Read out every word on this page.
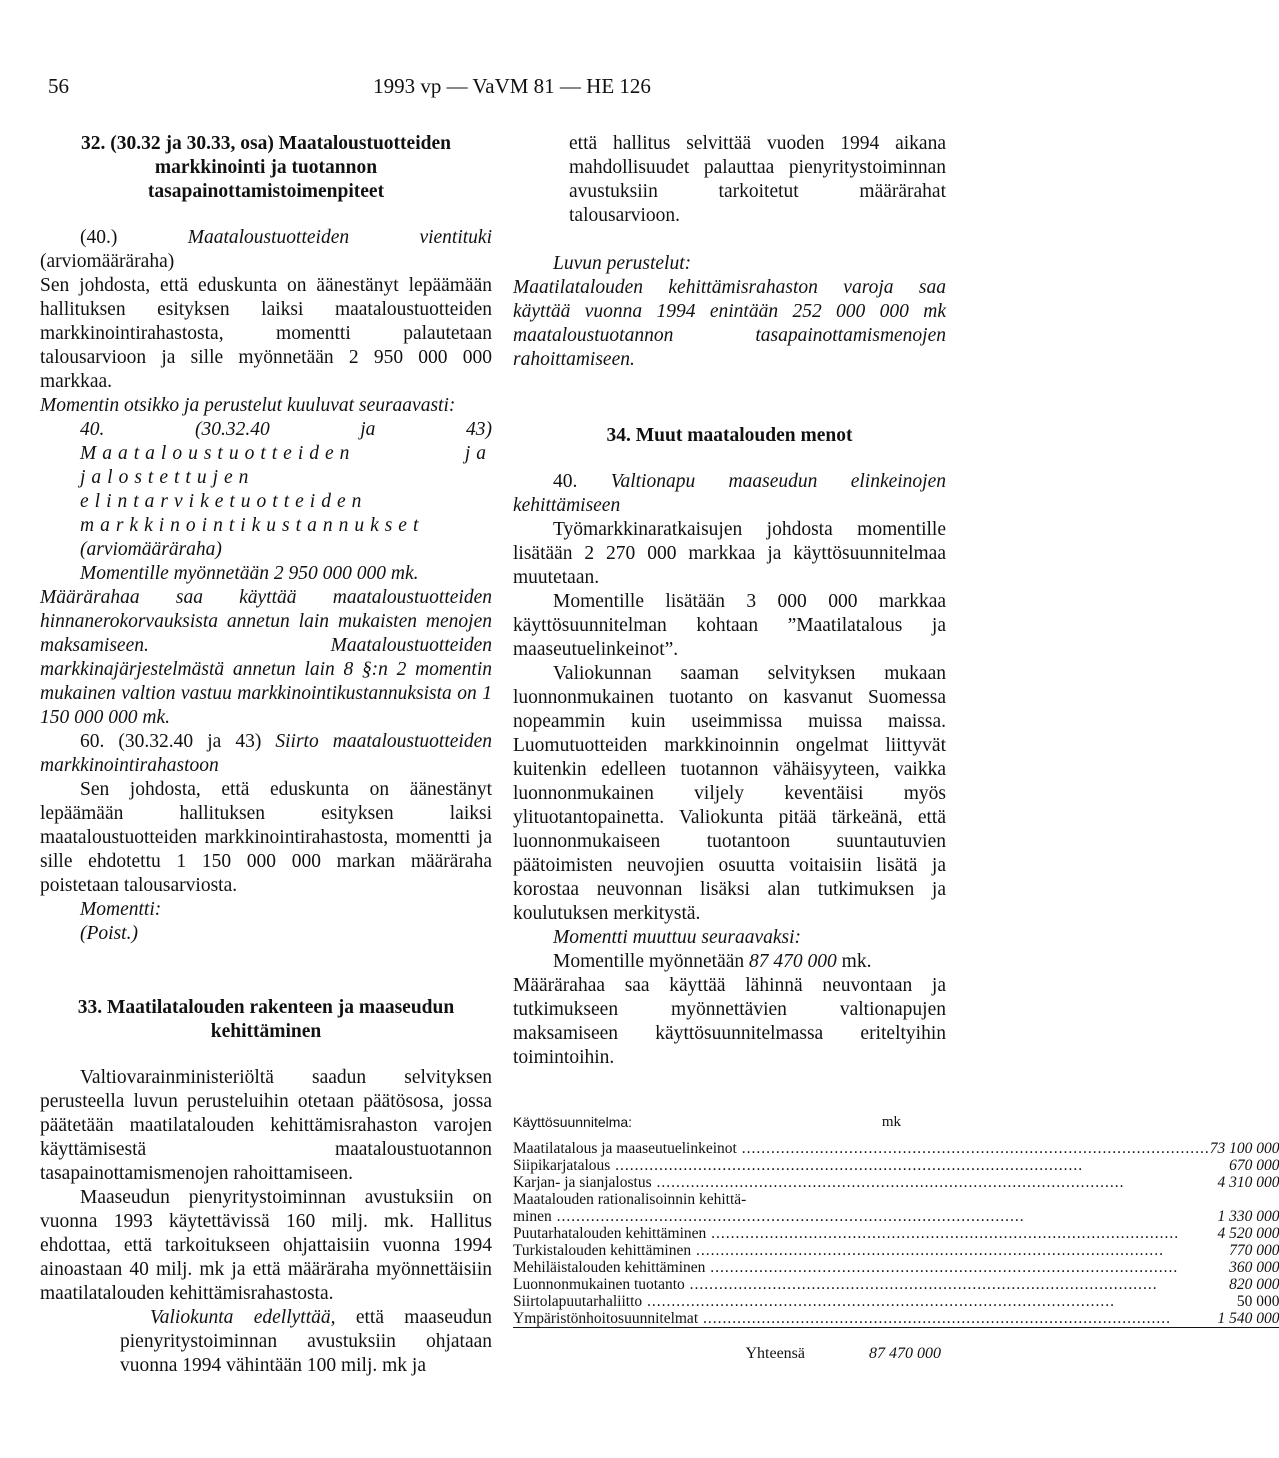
56	1993 vp — VaVM 81 — HE 126
32. (30.32 ja 30.33, osa) Maataloustuotteiden markkinointi ja tuotannon tasapainottamistoimenpiteet
(40.)	Maataloustuotteiden vientituki (arviomääräraha)
Sen johdosta, että eduskunta on äänestänyt lepäämään hallituksen esityksen laiksi maataloustuotteiden markkinointirahastosta, momentti palautetaan talousarvioon ja sille myönnetään 2 950 000 000 markkaa.
Momentin otsikko ja perustelut kuuluvat seuraavasti:
40. (30.32.40 ja 43) Maataloustuotteiden ja jalostettujen elintarviketuotteiden markkinointikustannukset (arviomääräraha)
Momentille myönnetään 2 950 000 000 mk.
Määrärahaa saa käyttää maataloustuotteiden hinnanerokorvauksista annetun lain mukaisten menojen maksamiseen. Maataloustuotteiden markkinajärjestelmästä annetun lain 8 §:n 2 momentin mukainen valtion vastuu markkinointikustannuksista on 1 150 000 000 mk.
60. (30.32.40 ja 43) Siirto maataloustuotteiden markkinointirahastoon
Sen johdosta, että eduskunta on äänestänyt lepäämään hallituksen esityksen laiksi maataloustuotteiden markkinointirahastosta, momentti ja sille ehdotettu 1 150 000 000 markan määräraha poistetaan talousarviosta.
Momentti:
(Poist.)
33. Maatilatalouden rakenteen ja maaseudun kehittäminen
Valtiovarainministeriöltä saadun selvityksen perusteella luvun perusteluihin otetaan päätösosa, jossa päätetään maatilatalouden kehittämisrahaston varojen käyttämisestä maataloustuotannon tasapainottamismenojen rahoittamiseen.
Maaseudun pienyritystoiminnan avustuksiin on vuonna 1993 käytettävissä 160 milj. mk. Hallitus ehdottaa, että tarkoitukseen ohjattaisiin vuonna 1994 ainoastaan 40 milj. mk ja että määräraha myönnettäisiin maatilatalouden kehittämisrahastosta.
Valiokunta edellyttää, että maaseudun pienyritystoiminnan avustuksiin ohjataan vuonna 1994 vähintään 100 milj. mk ja
että hallitus selvittää vuoden 1994 aikana mahdollisuudet palauttaa pienyritystoiminnan avustuksiin tarkoitetut määrärahat talousarvioon.
Luvun perustelut:
Maatilatalouden kehittämisrahaston varoja saa käyttää vuonna 1994 enintään 252 000 000 mk maataloustuotannon tasapainottamismenojen rahoittamiseen.
34. Muut maatalouden menot
40. Valtionapu maaseudun elinkeinojen kehittämiseen
Työmarkkinaratkaisujen johdosta momentille lisätään 2 270 000 markkaa ja käyttösuunnitelmaa muutetaan.
Momentille lisätään 3 000 000 markkaa käyttösuunnitelman kohtaan ”Maatilatalous ja maaseutuelinkeinot”.
Valiokunnan saaman selvityksen mukaan luonnonmukainen tuotanto on kasvanut Suomessa nopeammin kuin useimmissa muissa maissa. Luomutuotteiden markkinoinnin ongelmat liittyvät kuitenkin edelleen tuotannon vähäisyyteen, vaikka luonnonmukainen viljely keventäisi myös ylituotantopainetta. Valiokunta pitää tärkeänä, että luonnonmukaiseen tuotantoon suuntautuvien päätoimisten neuvojien osuutta voitaisiin lisätä ja korostaa neuvonnan lisäksi alan tutkimuksen ja koulutuksen merkitystä.
Momentti muuttuu seuraavaksi:
Momentille myönnetään 87 470 000 mk.
Määrärahaa saa käyttää lähinnä neuvontaan ja tutkimukseen myönnettävien valtionapujen maksamiseen käyttösuunnitelmassa eriteltyihin toimintoihin.
Käyttösuunnitelma:	mk
Maatilatalous ja maaseutuelinkeinot .....	73 100 000
Siipikarjatalous .....	670 000
Karjan- ja sianjalostus .....	4 310 000
Maatalouden rationalisoinnin kehittä-	
minen .....	1 330 000
Puutarhatalouden kehittäminen .....	4 520 000
Turkistalouden kehittäminen .....	770 000
Mehiläistalouden kehittäminen .....	360 000
Luonnonmukainen tuotanto .....	820 000
Siirtolapuutarhaliitto .....	50 000
Ympäristönhoitosuunnitelmat .....	1 540 000
Yhteensä	87 470 000
